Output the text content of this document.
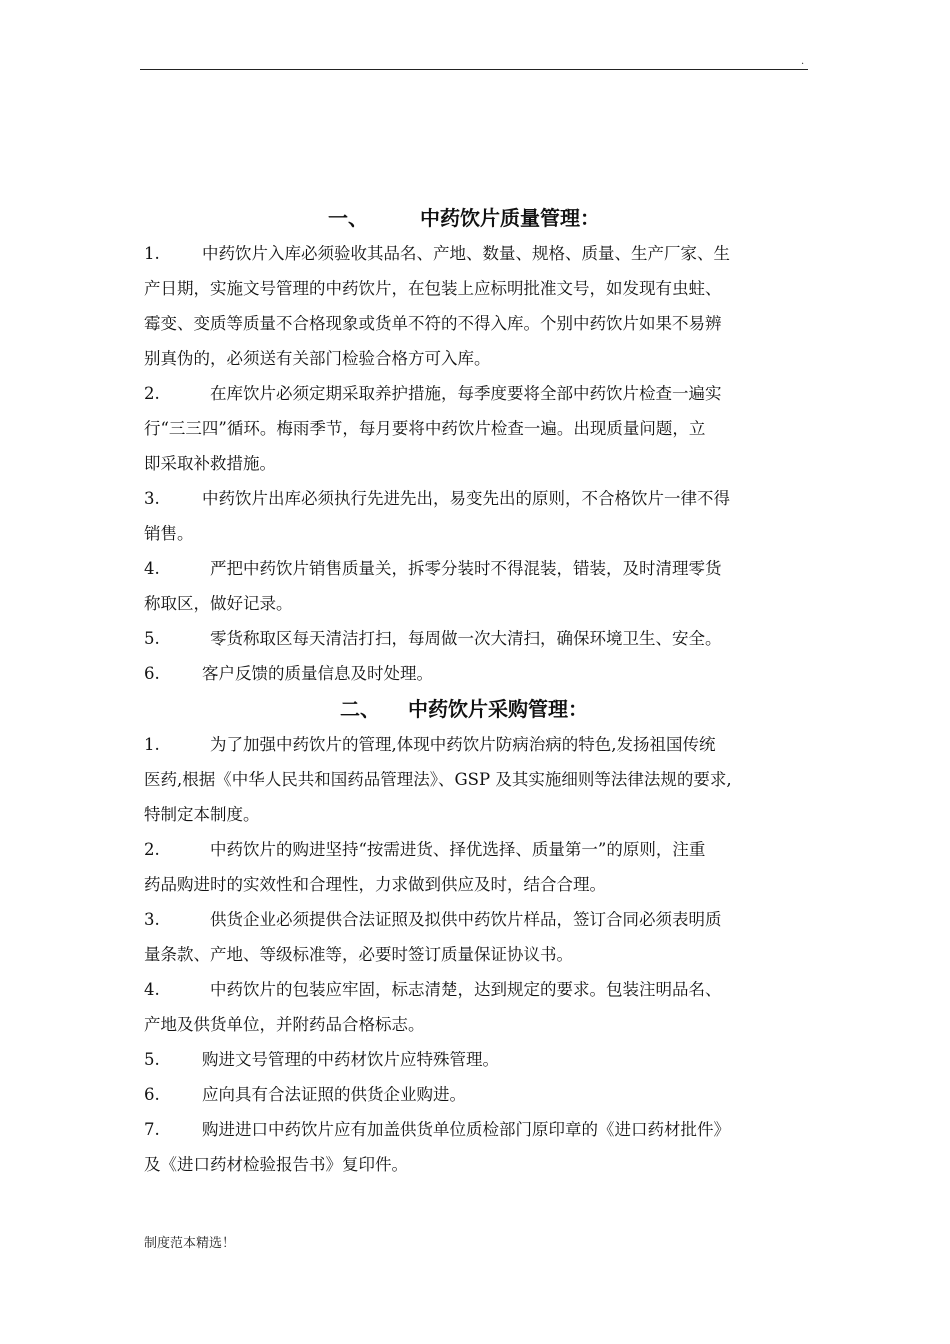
.
一、	中药饮片质量管理：
1.	中药饮片入库必须验收其品名、产地、数量、规格、质量、生产厂家、生
产日期，实施文号管理的中药饮片，在包装上应标明批准文号，如发现有虫蛀、
霉变、变质等质量不合格现象或货单不符的不得入库。个别中药饮片如果不易辨
别真伪的，必须送有关部门检验合格方可入库。
2.	在库饮片必须定期采取养护措施，每季度要将全部中药饮片检查一遍实
行“三三四”循环。梅雨季节，每月要将中药饮片检查一遍。出现质量问题，立
即采取补救措施。
3.	中药饮片出库必须执行先进先出，易变先出的原则，不合格饮片一律不得
销售。
4.	严把中药饮片销售质量关，拆零分装时不得混装，错装，及时清理零货
称取区，做好记录。
5.	零货称取区每天清洁打扫，每周做一次大清扫，确保环境卫生、安全。
6.	客户反馈的质量信息及时处理。
二、 中药饮片采购管理：
1.	为了加强中药饮片的管理,体现中药饮片防病治病的特色,发扬祖国传统
医药,根据《中华人民共和国药品管理法》、GSP 及其实施细则等法律法规的要求,
特制定本制度。
2.	中药饮片的购进坚持“按需进货、择优选择、质量第一”的原则，注重
药品购进时的实效性和合理性，力求做到供应及时，结合合理。
3.	供货企业必须提供合法证照及拟供中药饮片样品，签订合同必须表明质
量条款、产地、等级标准等，必要时签订质量保证协议书。
4.	中药饮片的包装应牢固，标志清楚，达到规定的要求。包装注明品名、
产地及供货单位，并附药品合格标志。
5.	购进文号管理的中药材饮片应特殊管理。
6.	应向具有合法证照的供货企业购进。
7.	购进进口中药饮片应有加盖供货单位质检部门原印章的《进口药材批件》
及《进口药材检验报告书》复印件。
制度范本精选！
